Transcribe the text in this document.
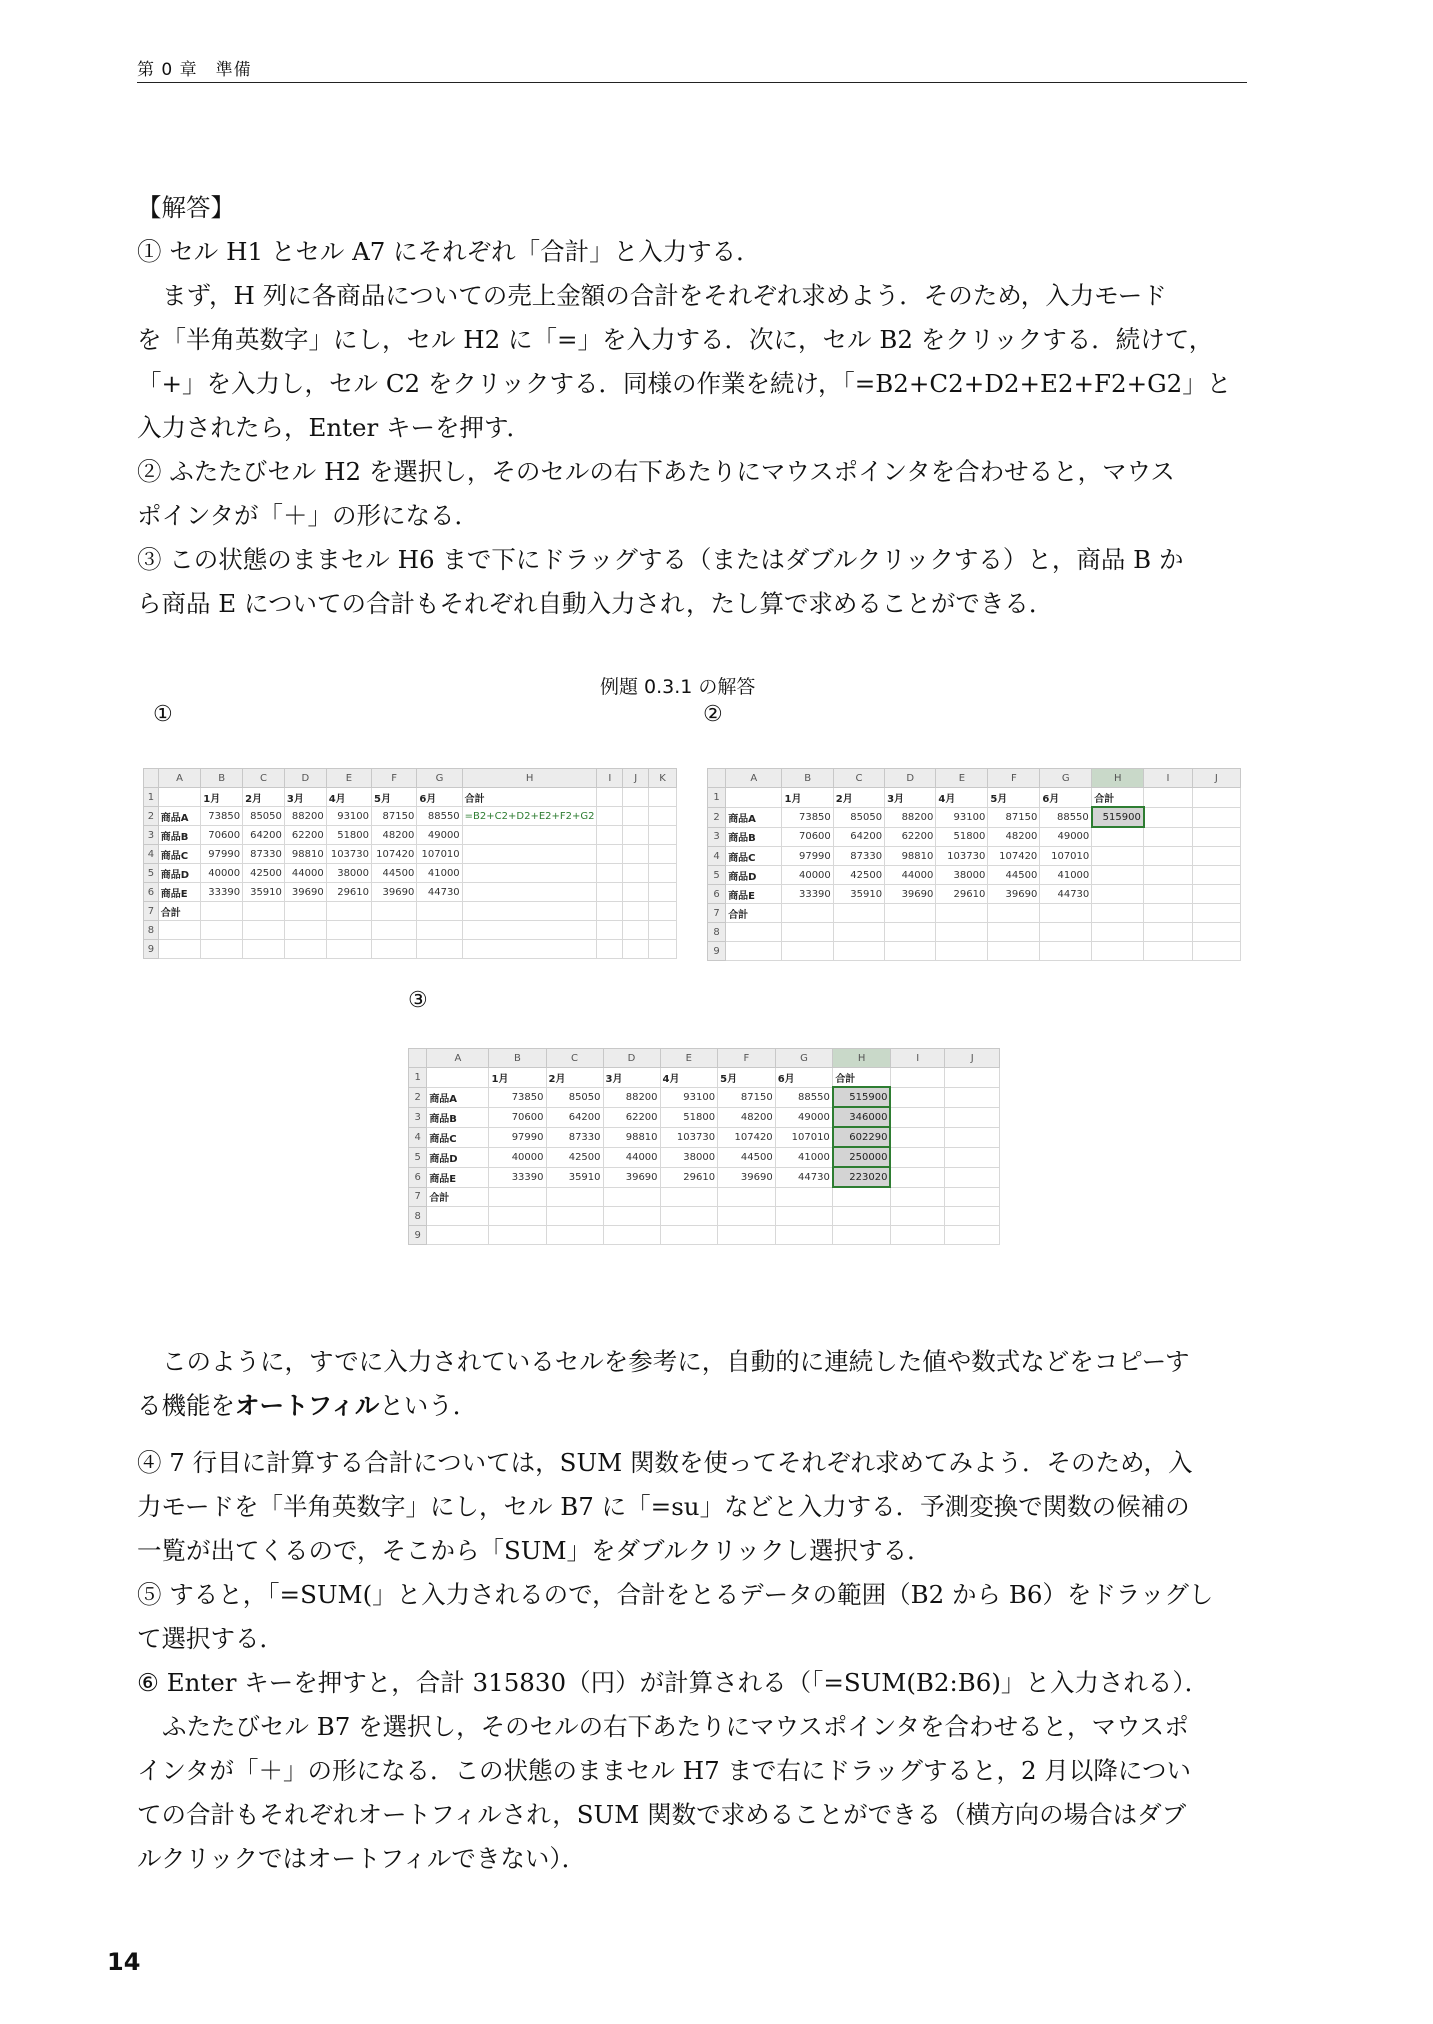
第 0 章　準備

【解答】

① セル H1 とセル A7 にそれぞれ「合計」と入力する．

まず，H 列に各商品についての売上金額の合計をそれぞれ求めよう．そのため，入力モード

を「半角英数字」にし，セル H2 に「=」を入力する．次に，セル B2 をクリックする．続けて，

「+」を入力し，セル C2 をクリックする．同様の作業を続け，「=B2+C2+D2+E2+F2+G2」と

入力されたら，Enter キーを押す．

② ふたたびセル H2 を選択し，そのセルの右下あたりにマウスポインタを合わせると，マウス

ポインタが「＋」の形になる．

③ この状態のままセル H6 まで下にドラッグする（またはダブルクリックする）と，商品 B か

ら商品 E についての合計もそれぞれ自動入力され，たし算で求めることができる．

例題 0.3.1 の解答
①	②
③
	A	B	C	D	E	F	G	H	I	J	K
1		1月	2月	3月	4月	5月	6月	合計			
2	商品A	73850	85050	88200	93100	87150	88550	=B2+C2+D2+E2+F2+G2			
3	商品B	70600	64200	62200	51800	48200	49000				
4	商品C	97990	87330	98810	103730	107420	107010				
5	商品D	40000	42500	44000	38000	44500	41000				
6	商品E	33390	35910	39690	29610	39690	44730				
7	合計										
8											
9											
	A	B	C	D	E	F	G	H	I	J
1		1月	2月	3月	4月	5月	6月	合計		
2	商品A	73850	85050	88200	93100	87150	88550	515900		
3	商品B	70600	64200	62200	51800	48200	49000			
4	商品C	97990	87330	98810	103730	107420	107010			
5	商品D	40000	42500	44000	38000	44500	41000			
6	商品E	33390	35910	39690	29610	39690	44730			
7	合計									
8										
9										
	A	B	C	D	E	F	G	H	I	J
1		1月	2月	3月	4月	5月	6月	合計		
2	商品A	73850	85050	88200	93100	87150	88550	515900		
3	商品B	70600	64200	62200	51800	48200	49000	346000		
4	商品C	97990	87330	98810	103730	107420	107010	602290		
5	商品D	40000	42500	44000	38000	44500	41000	250000		
6	商品E	33390	35910	39690	29610	39690	44730	223020		
7	合計									
8										
9										

このように，すでに入力されているセルを参考に，自動的に連続した値や数式などをコピーす

る機能をオートフィルという．

④ 7 行目に計算する合計については，SUM 関数を使ってそれぞれ求めてみよう．そのため，入

力モードを「半角英数字」にし，セル B7 に「=su」などと入力する．予測変換で関数の候補の

一覧が出てくるので，そこから「SUM」をダブルクリックし選択する．

⑤ すると，「=SUM(」と入力されるので，合計をとるデータの範囲（B2 から B6）をドラッグし

て選択する．

⑥ Enter キーを押すと，合計 315830（円）が計算される（「=SUM(B2:B6)」と入力される）．

ふたたびセル B7 を選択し，そのセルの右下あたりにマウスポインタを合わせると，マウスポ

インタが「＋」の形になる．この状態のままセル H7 まで右にドラッグすると，2 月以降につい

ての合計もそれぞれオートフィルされ，SUM 関数で求めることができる（横方向の場合はダブ

ルクリックではオートフィルできない）．

14
